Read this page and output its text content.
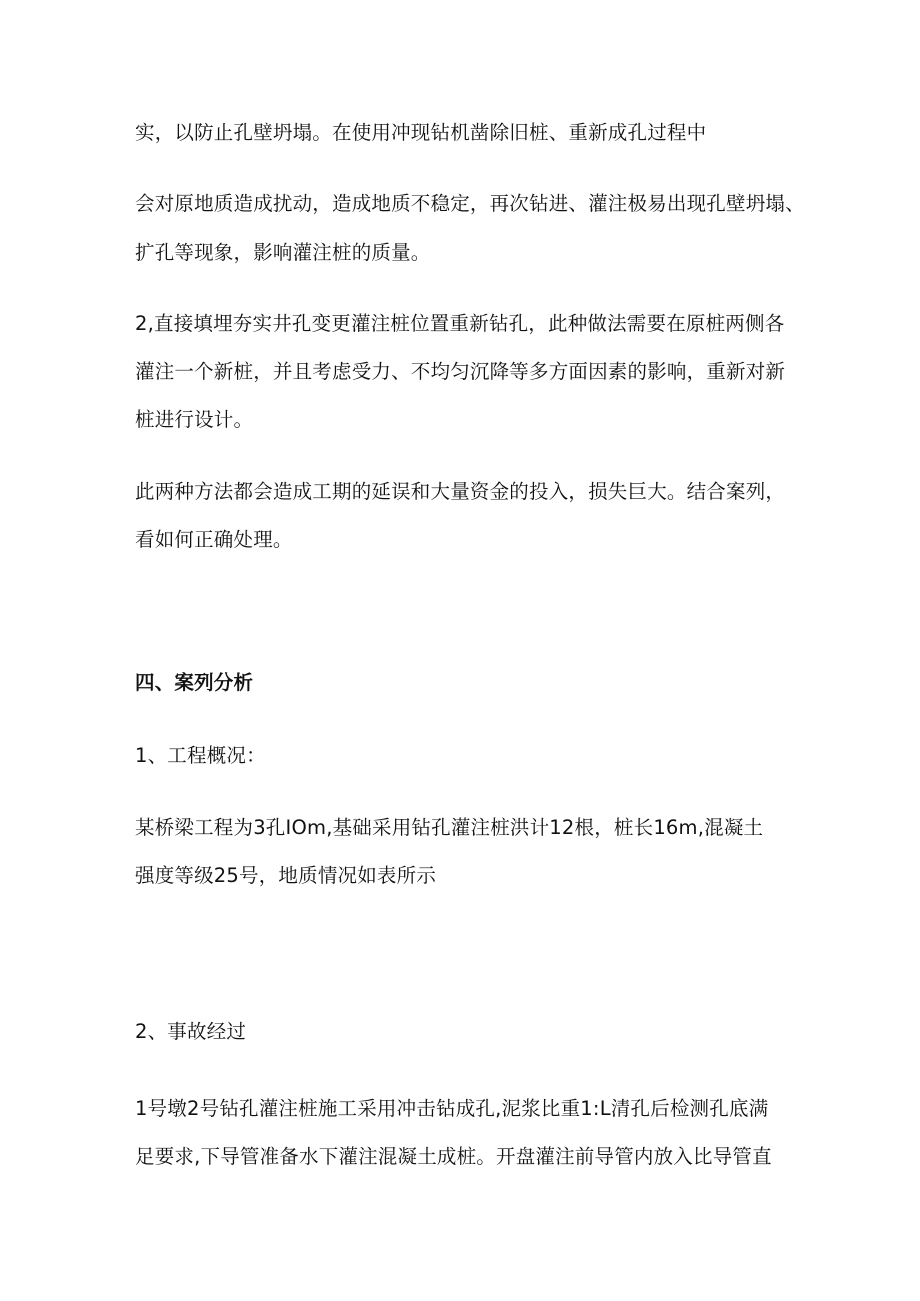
实，以防止孔壁坍塌。在使用冲现钻机凿除旧桩、重新成孔过程中
会对原地质造成扰动，造成地质不稳定，再次钻进、灌注极易出现孔壁坍塌、
扩孔等现象，影响灌注桩的质量。
2,直接填埋夯实井孔变更灌注桩位置重新钻孔，此种做法需要在原桩两侧各
灌注一个新桩，并且考虑受力、不均匀沉降等多方面因素的影响，重新对新
桩进行设计。
此两种方法都会造成工期的延误和大量资金的投入，损失巨大。结合案列，
看如何正确处理。
四、案列分析
1、工程概况：
某桥梁工程为3孔IOm,基础采用钻孔灌注桩洪计12根，桩长16m,混凝土
强度等级25号，地质情况如表所示
2、事故经过
1号墩2号钻孔灌注桩施工采用冲击钻成孔,泥浆比重1:L清孔后检测孔底满
足要求,下导管准备水下灌注混凝土成桩。开盘灌注前导管内放入比导管直
